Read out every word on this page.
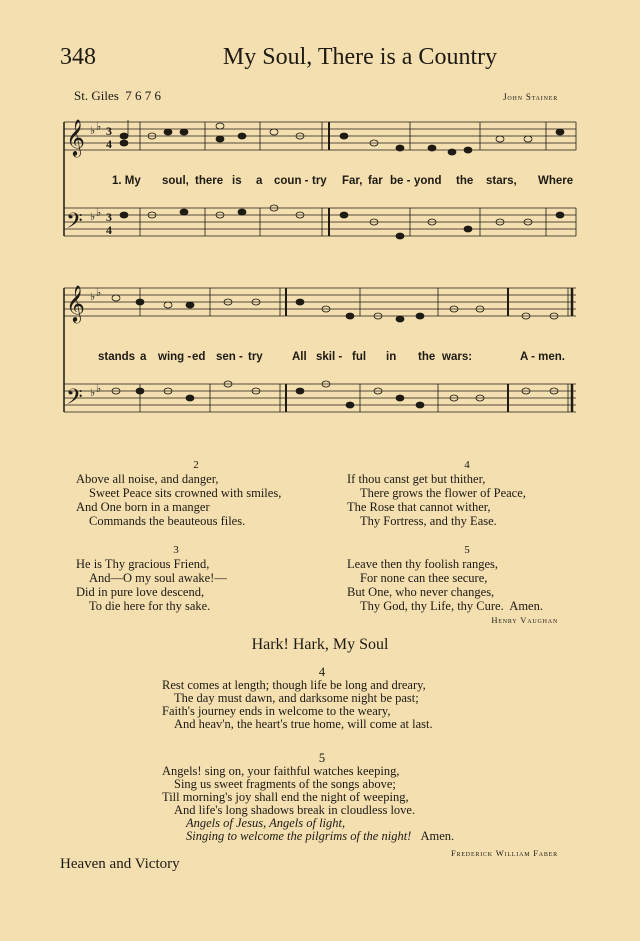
348	My Soul, There is a Country
St. Giles 7 6 7 6	John Stainer
𝄞
𝄢
3
4
3
4
♭ ♭
♭ ♭
1. My soul, there is a coun - try Far, far be - yond the stars, Where
𝄞
𝄢
♭ ♭
♭ ♭
stands a wing - ed sen - try	All skil - ful in the wars:	A - men.
2
Above all noise, and danger,
Sweet Peace sits crowned with smiles,
And One born in a manger
Commands the beauteous files.
3
He is Thy gracious Friend,
And—O my soul awake!—
Did in pure love descend,
To die here for thy sake.
4
If thou canst get but thither,
There grows the flower of Peace,
The Rose that cannot wither,
Thy Fortress, and thy Ease.
5
Leave then thy foolish ranges,
For none can thee secure,
But One, who never changes,
Thy God, thy Life, thy Cure.  Amen.
Henry Vaughan
Hark! Hark, My Soul
4
Rest comes at length; though life be long and dreary,
The day must dawn, and darksome night be past;
Faith's journey ends in welcome to the weary,
And heav'n, the heart's true home, will come at last.
5
Angels! sing on, your faithful watches keeping,
Sing us sweet fragments of the songs above;
Till morning's joy shall end the night of weeping,
And life's long shadows break in cloudless love.
Angels of Jesus, Angels of light,
Singing to welcome the pilgrims of the night! Amen.
Frederick William Faber
Heaven and Victory
